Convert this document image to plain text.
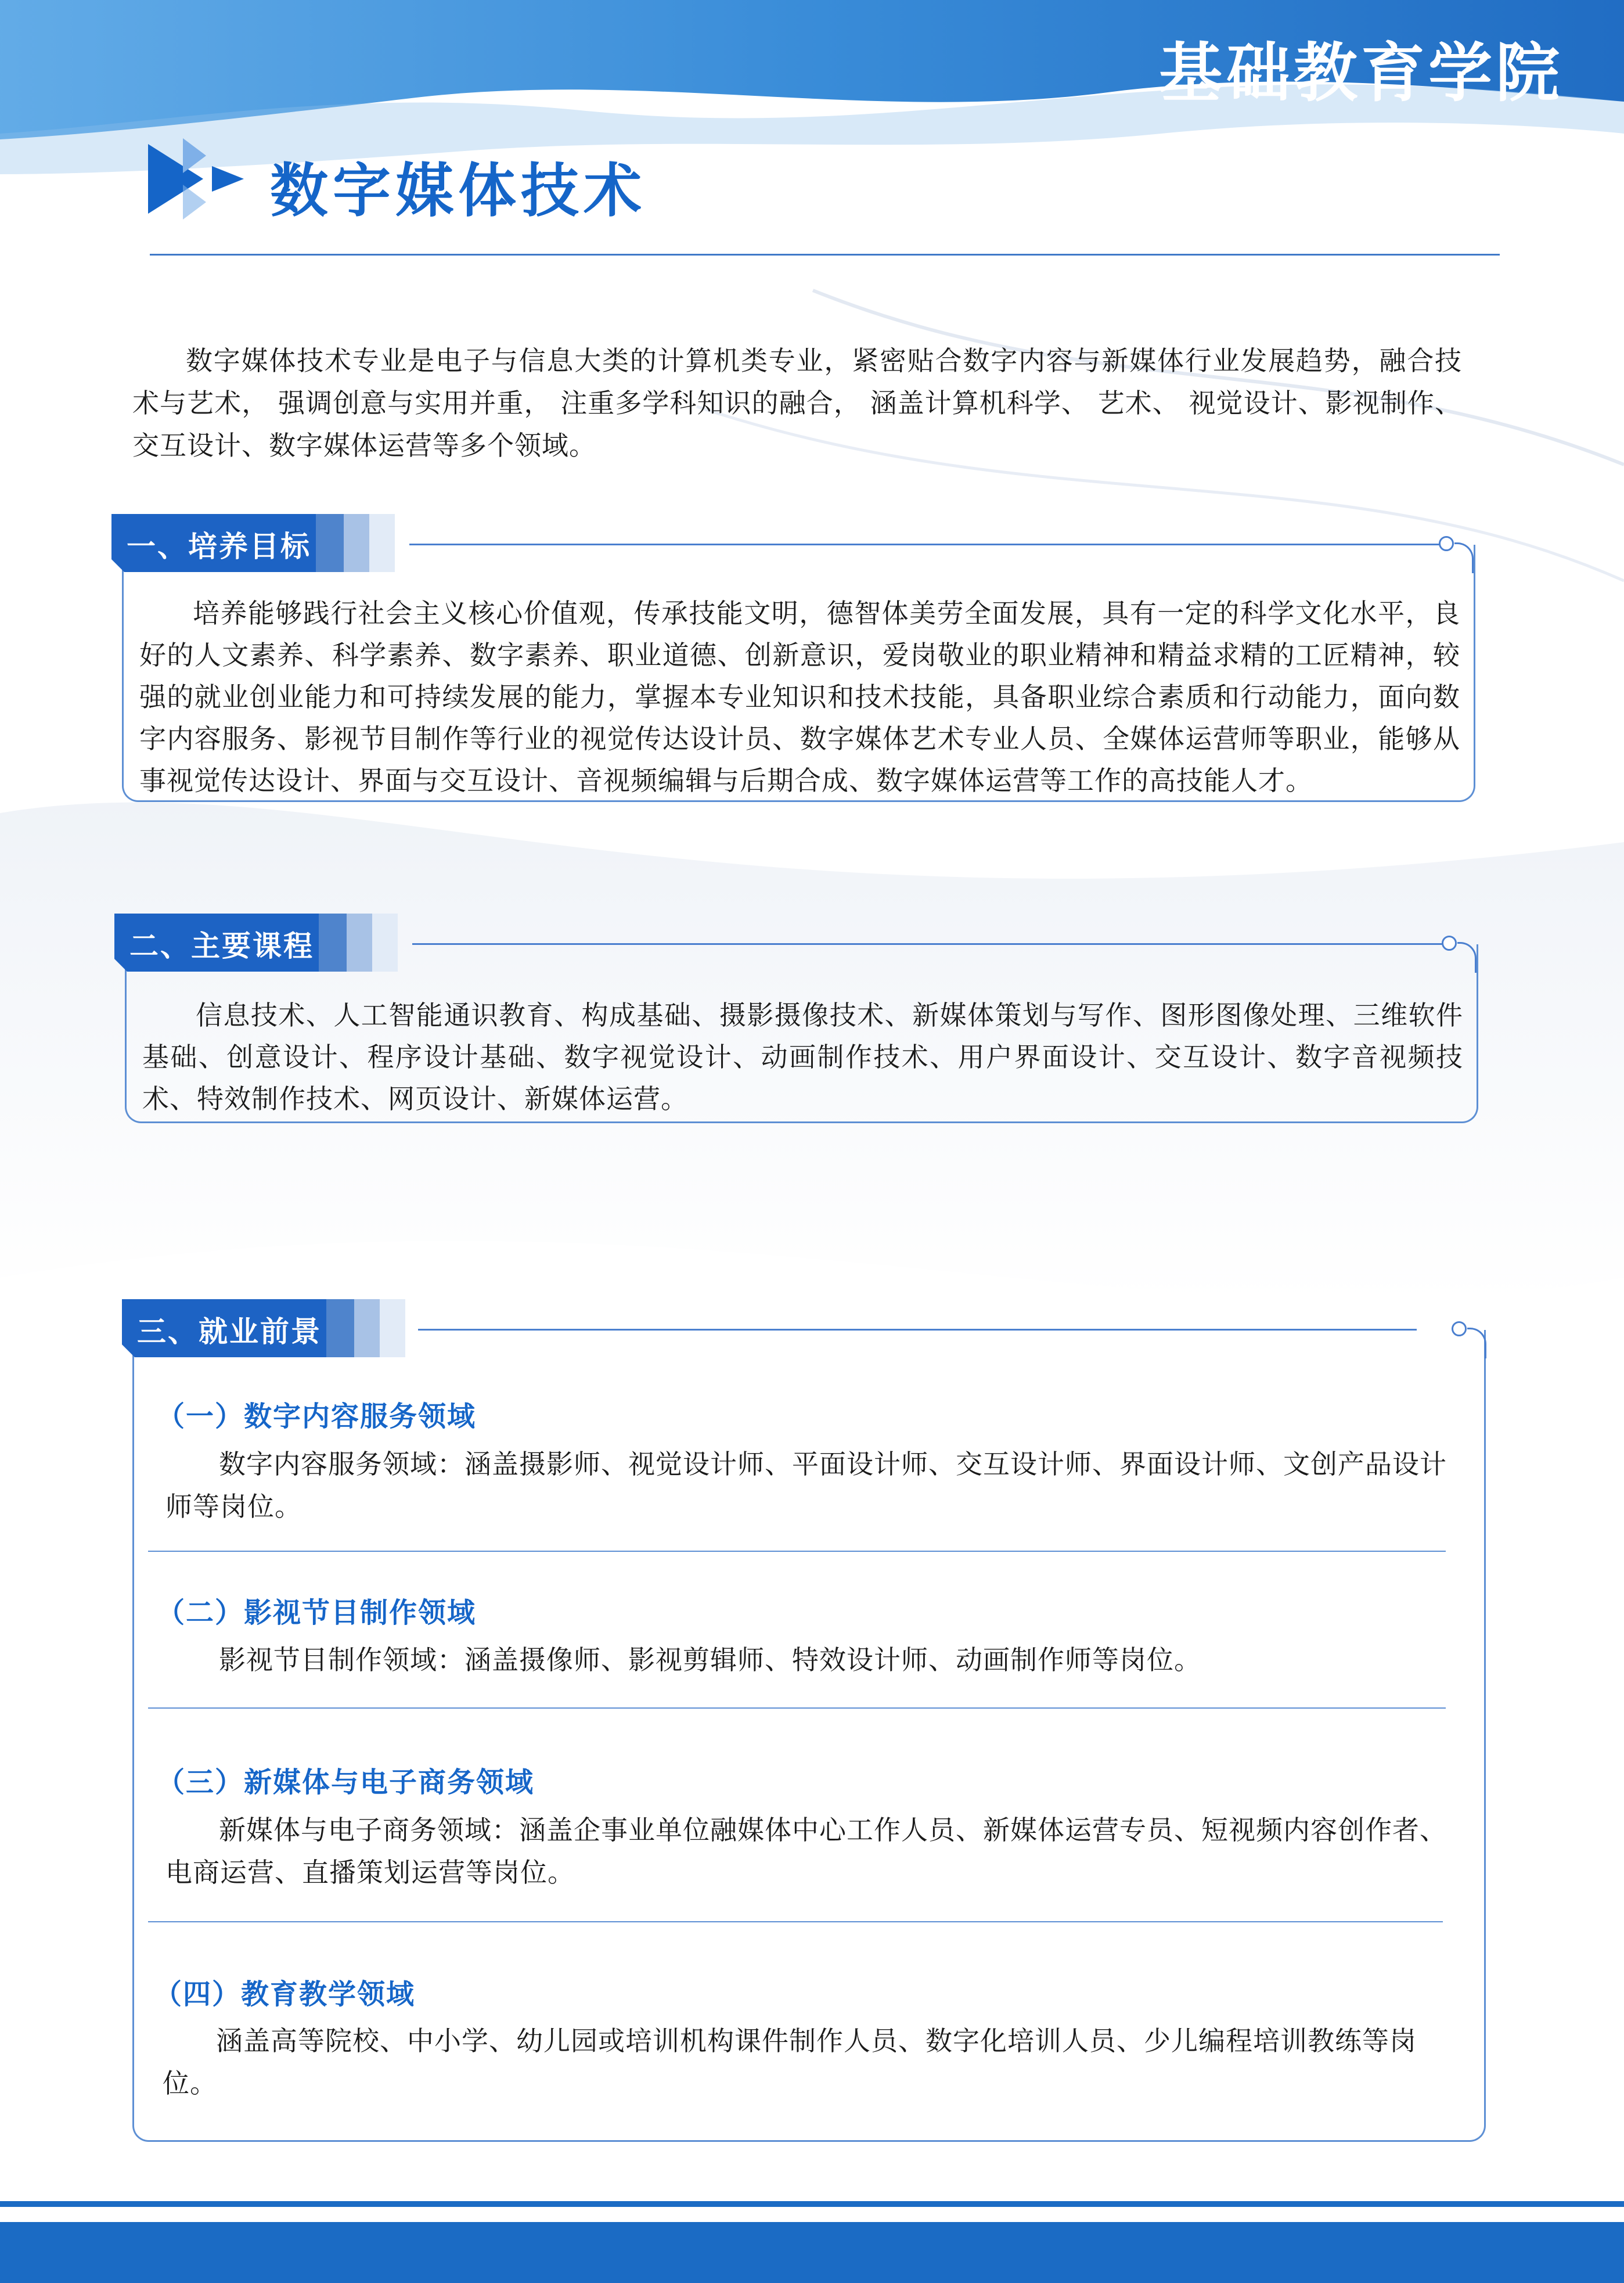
基础教育学院
数字媒体技术
数字媒体技术专业是电子与信息大类的计算机类专业，紧密贴合数字内容与新媒体行业发展趋势，融合技术与艺术， 强调创意与实用并重， 注重多学科知识的融合， 涵盖计算机科学、 艺术、 视觉设计、影视制作、交互设计、数字媒体运营等多个领域。
一、培养目标
培养能够践行社会主义核心价值观，传承技能文明，德智体美劳全面发展，具有一定的科学文化水平，良好的人文素养、科学素养、数字素养、职业道德、创新意识，爱岗敬业的职业精神和精益求精的工匠精神，较强的就业创业能力和可持续发展的能力，掌握本专业知识和技术技能，具备职业综合素质和行动能力，面向数字内容服务、影视节目制作等行业的视觉传达设计员、数字媒体艺术专业人员、全媒体运营师等职业，能够从事视觉传达设计、界面与交互设计、音视频编辑与后期合成、数字媒体运营等工作的高技能人才。
二、主要课程
信息技术、人工智能通识教育、构成基础、摄影摄像技术、新媒体策划与写作、图形图像处理、三维软件基础、创意设计、程序设计基础、数字视觉设计、动画制作技术、用户界面设计、交互设计、数字音视频技术、特效制作技术、网页设计、新媒体运营。
三、就业前景
（一）数字内容服务领域
数字内容服务领域：涵盖摄影师、视觉设计师、平面设计师、交互设计师、界面设计师、文创产品设计师等岗位。
（二）影视节目制作领域
影视节目制作领域：涵盖摄像师、影视剪辑师、特效设计师、动画制作师等岗位。
（三）新媒体与电子商务领域
新媒体与电子商务领域：涵盖企事业单位融媒体中心工作人员、新媒体运营专员、短视频内容创作者、电商运营、直播策划运营等岗位。
（四）教育教学领域
涵盖高等院校、中小学、幼儿园或培训机构课件制作人员、数字化培训人员、少儿编程培训教练等岗位。
